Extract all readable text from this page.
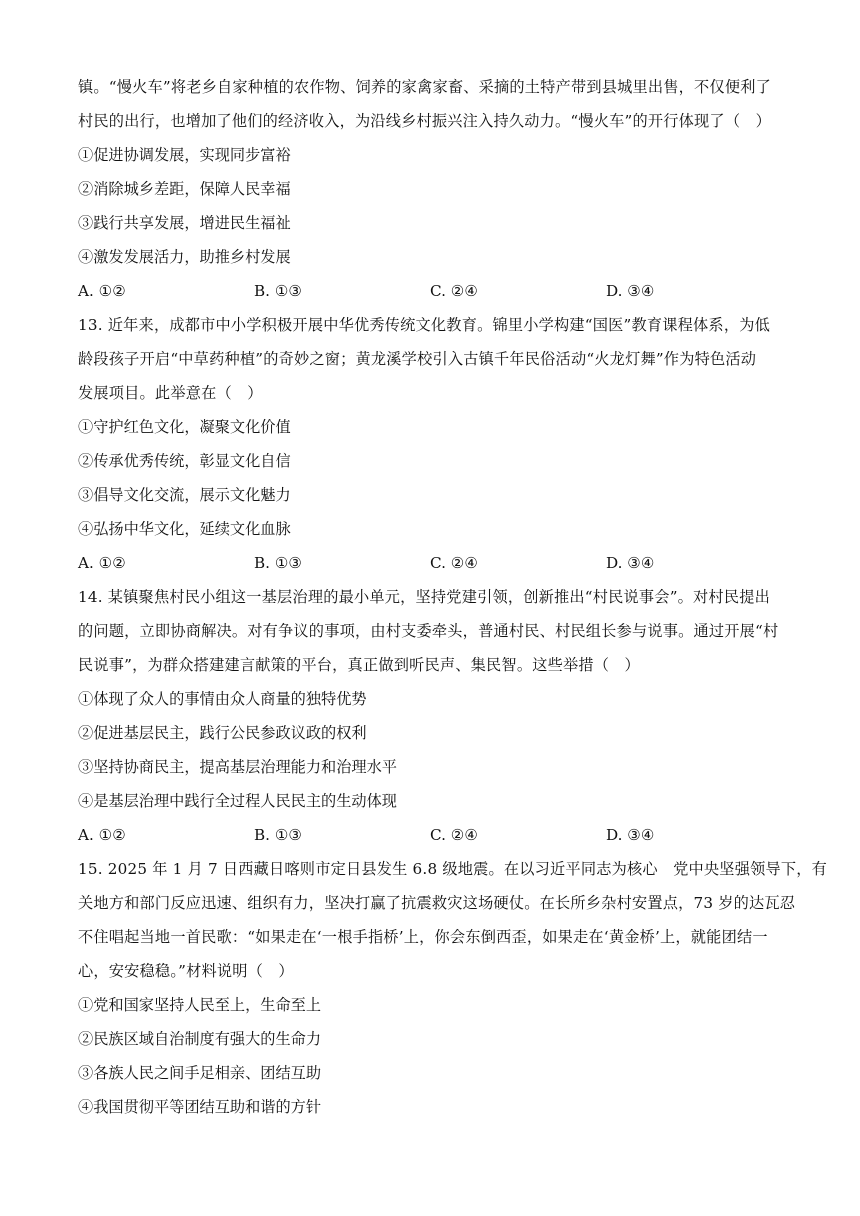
镇。“慢火车”将老乡自家种植的农作物、饲养的家禽家畜、采摘的土特产带到县城里出售，不仅便利了
村民的出行，也增加了他们的经济收入，为沿线乡村振兴注入持久动力。“慢火车”的开行体现了（　）

①促进协调发展，实现同步富裕

②消除城乡差距，保障人民幸福

③践行共享发展，增进民生福祉

④激发发展活力，助推乡村发展

A. ①②	B. ①③	C. ②④	D. ③④

13. 近年来，成都市中小学积极开展中华优秀传统文化教育。锦里小学构建“国医”教育课程体系，为低
龄段孩子开启“中草药种植”的奇妙之窗；黄龙溪学校引入古镇千年民俗活动“火龙灯舞”作为特色活动
发展项目。此举意在（　）

①守护红色文化，凝聚文化价值

②传承优秀传统，彰显文化自信

③倡导文化交流，展示文化魅力

④弘扬中华文化，延续文化血脉

A. ①②	B. ①③	C. ②④	D. ③④

14. 某镇聚焦村民小组这一基层治理的最小单元，坚持党建引领，创新推出“村民说事会”。对村民提出
的问题，立即协商解决。对有争议的事项，由村支委牵头，普通村民、村民组长参与说事。通过开展“村
民说事”，为群众搭建建言献策的平台，真正做到听民声、集民智。这些举措（　）

①体现了众人的事情由众人商量的独特优势

②促进基层民主，践行公民参政议政的权利

③坚持协商民主，提高基层治理能力和治理水平

④是基层治理中践行全过程人民民主的生动体现

A. ①②	B. ①③	C. ②④	D. ③④

15. 2025 年 1 月 7 日西藏日喀则市定日县发生 6.8 级地震。在以习近平同志为核心　党中央坚强领导下，有
关地方和部门反应迅速、组织有力，坚决打赢了抗震救灾这场硬仗。在长所乡杂村安置点，73 岁的达瓦忍
不住唱起当地一首民歌：“如果走在‘一根手指桥’上，你会东倒西歪，如果走在‘黄金桥’上，就能团结一
心，安安稳稳。”材料说明（　）

①党和国家坚持人民至上，生命至上

②民族区域自治制度有强大的生命力

③各族人民之间手足相亲、团结互助

④我国贯彻平等团结互助和谐的方针
